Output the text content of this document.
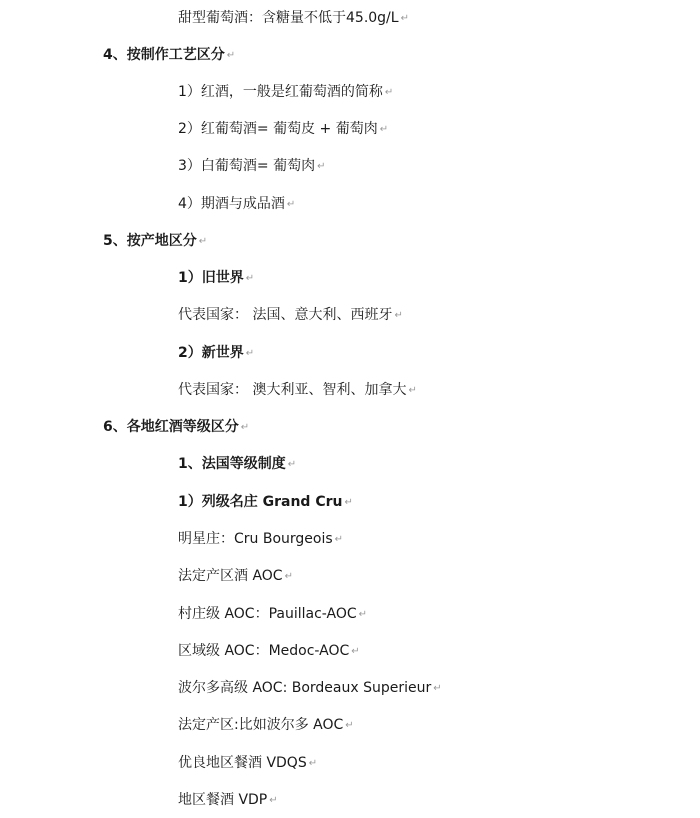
甜型葡萄酒：含糖量不低于45.0g/L ↵
4、按制作工艺区分 ↵
1）红酒，一般是红葡萄酒的简称 ↵
2）红葡萄酒= 葡萄皮 + 葡萄肉 ↵
3）白葡萄酒= 葡萄肉 ↵
4）期酒与成品酒 ↵
5、按产地区分 ↵
1）旧世界 ↵
代表国家： 法国、意大利、西班牙 ↵
2）新世界 ↵
代表国家： 澳大利亚、智利、加拿大 ↵
6、各地红酒等级区分 ↵
1、法国等级制度 ↵
1）列级名庄 Grand Cru ↵
明星庄：Cru Bourgeois ↵
法定产区酒 AOC ↵
村庄级 AOC：Pauillac-AOC ↵
区域级 AOC：Medoc-AOC ↵
波尔多高级 AOC: Bordeaux Superieur ↵
法定产区:比如波尔多 AOC ↵
优良地区餐酒 VDQS ↵
地区餐酒 VDP ↵
